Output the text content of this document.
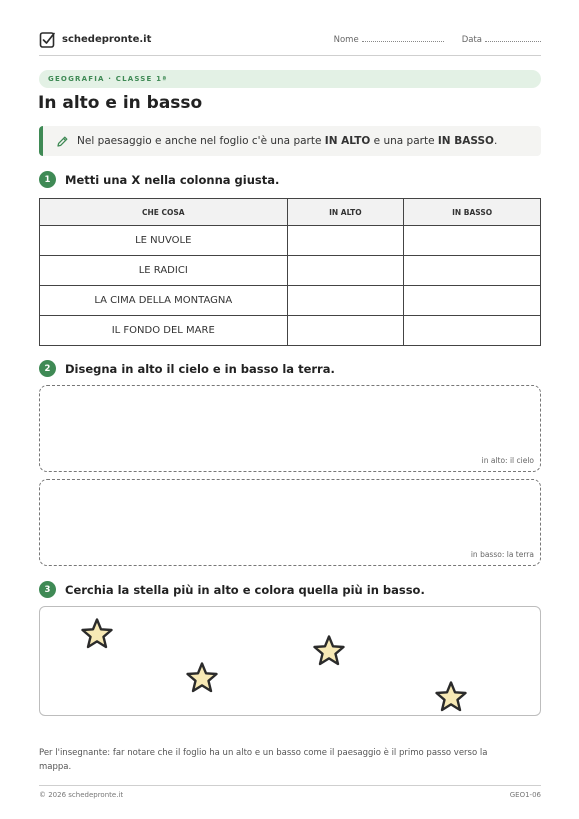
schedepronte.it	Nome	Data
GEOGRAFIA · CLASSE 1ª
In alto e in basso
Nel paesaggio e anche nel foglio c'è una parte IN ALTO e una parte IN BASSO.
1	Metti una X nella colonna giusta.
CHE COSA	IN ALTO	IN BASSO
LE NUVOLE		
LE RADICI		
LA CIMA DELLA MONTAGNA		
IL FONDO DEL MARE		
2	Disegna in alto il cielo e in basso la terra.
in alto: il cielo
in basso: la terra
3	Cerchia la stella più in alto e colora quella più in basso.
Per l'insegnante: far notare che il foglio ha un alto e un basso come il paesaggio è il primo passo verso la mappa.
© 2026 schedepronte.it	GEO1-06
